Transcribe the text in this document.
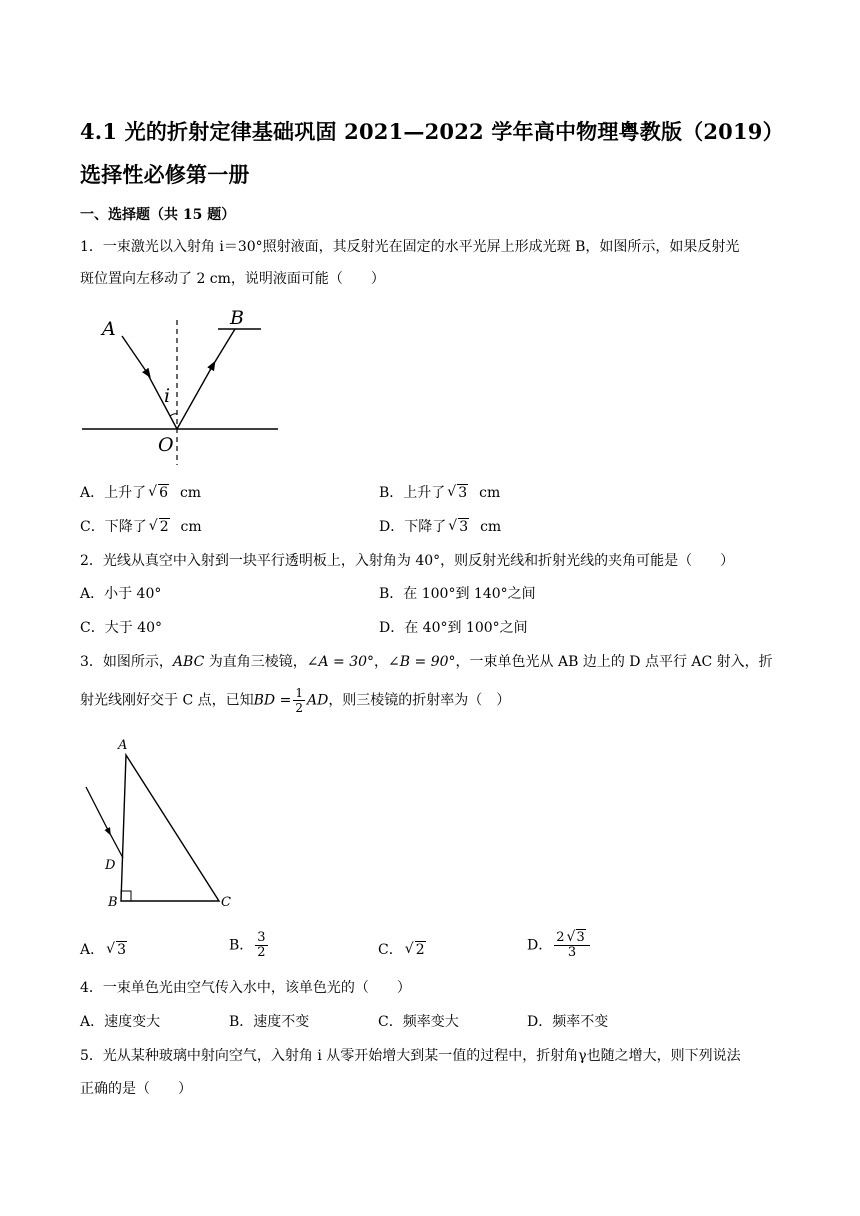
4.1 光的折射定律基础巩固 2021—2022 学年高中物理粤教版（2019）
选择性必修第一册
一、选择题（共 15 题）
1．一束激光以入射角 i＝30°照射液面，其反射光在固定的水平光屏上形成光斑 B，如图所示，如果反射光
斑位置向左移动了 2 cm，说明液面可能（　　）
A	B
i
O
A．上升了 √ 6 cm	B．上升了 √ 3 cm
C．下降了 √ 2 cm	D．下降了 √ 3 cm
2．光线从真空中入射到一块平行透明板上，入射角为 40°，则反射光线和折射光线的夹角可能是（　　）
A．小于 40°	B．在 100°到 140°之间
C．大于 40°	D．在 40°到 100°之间
3．如图所示，ABC 为直角三棱镜，∠A = 30°，∠B = 90°，一束单色光从 AB 边上的 D 点平行 AC 射入，折
射光线刚好交于 C 点，已知BD = $\frac{1}{2}$ AD，则三棱镜的折射率为（　）
A
D
B	C
A． √ 3	B． $\frac{3}{2}$	C． √ 2	D． $\frac{2 √ 3}{3}$
4．一束单色光由空气传入水中，该单色光的（　　）
A．速度变大	B．速度不变	C．频率变大	D．频率不变
5．光从某种玻璃中射向空气，入射角 i 从零开始增大到某一值的过程中，折射角γ也随之增大，则下列说法
正确的是（　　）
